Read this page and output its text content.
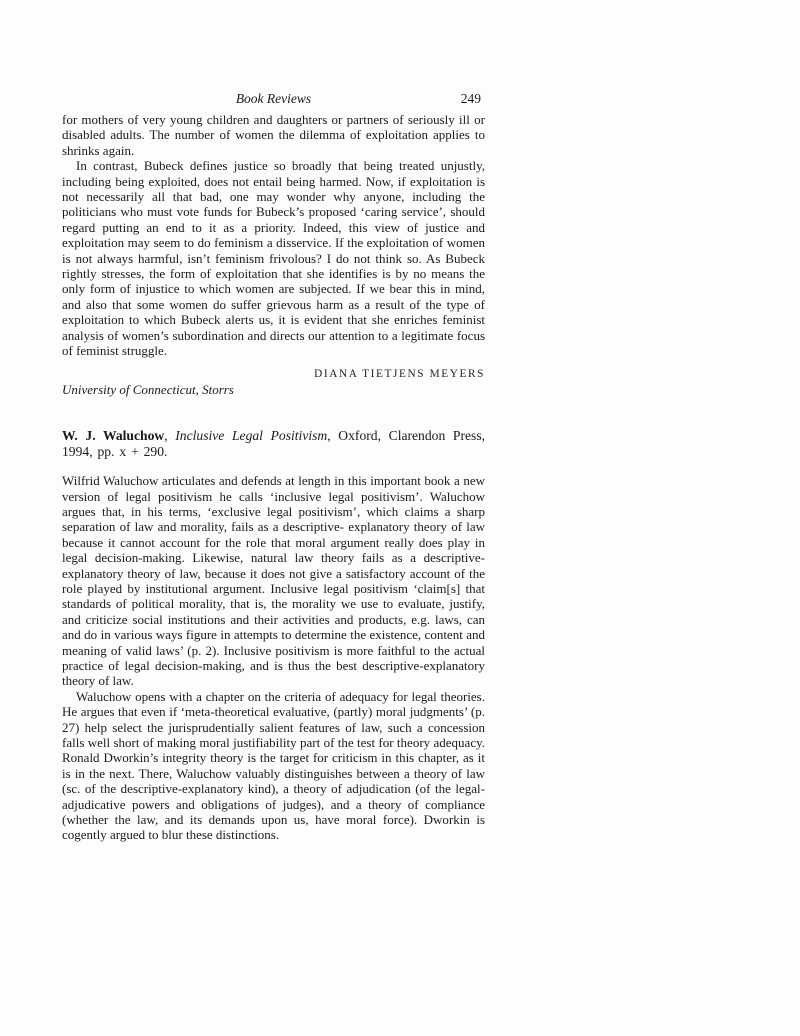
Book Reviews	249

for mothers of very young children and daughters or partners of seriously ill or disabled adults. The number of women the dilemma of exploitation applies to shrinks again.

In contrast, Bubeck defines justice so broadly that being treated unjustly, including being exploited, does not entail being harmed. Now, if exploitation is not necessarily all that bad, one may wonder why anyone, including the politicians who must vote funds for Bubeck’s proposed ‘caring service’, should regard putting an end to it as a priority. Indeed, this view of justice and exploitation may seem to do feminism a disservice. If the exploitation of women is not always harmful, isn’t feminism frivolous? I do not think so. As Bubeck rightly stresses, the form of exploitation that she identifies is by no means the only form of injustice to which women are subjected. If we bear this in mind, and also that some women do suffer grievous harm as a result of the type of exploitation to which Bubeck alerts us, it is evident that she enriches feminist analysis of women’s subordination and directs our attention to a legitimate focus of feminist struggle.

DIANA TIETJENS MEYERS

University of Connecticut, Storrs

W. J. Waluchow, Inclusive Legal Positivism, Oxford, Clarendon Press, 1994, pp. x + 290.

Wilfrid Waluchow articulates and defends at length in this important book a new version of legal positivism he calls ‘inclusive legal positivism’. Waluchow argues that, in his terms, ‘exclusive legal positivism’, which claims a sharp separation of law and morality, fails as a descriptive- explanatory theory of law because it cannot account for the role that moral argument really does play in legal decision-making. Likewise, natural law theory fails as a descriptive-explanatory theory of law, because it does not give a satisfactory account of the role played by institutional argument. Inclusive legal positivism ‘claim[s] that standards of political morality, that is, the morality we use to evaluate, justify, and criticize social institutions and their activities and products, e.g. laws, can and do in various ways figure in attempts to determine the existence, content and meaning of valid laws’ (p. 2). Inclusive positivism is more faithful to the actual practice of legal decision-making, and is thus the best descriptive-explanatory theory of law.

Waluchow opens with a chapter on the criteria of adequacy for legal theories. He argues that even if ‘meta-theoretical evaluative, (partly) moral judgments’ (p. 27) help select the jurisprudentially salient features of law, such a concession falls well short of making moral justifiability part of the test for theory adequacy. Ronald Dworkin’s integrity theory is the target for criticism in this chapter, as it is in the next. There, Waluchow valuably distinguishes between a theory of law (sc. of the descriptive-explanatory kind), a theory of adjudication (of the legal-adjudicative powers and obligations of judges), and a theory of compliance (whether the law, and its demands upon us, have moral force). Dworkin is cogently argued to blur these distinctions.
